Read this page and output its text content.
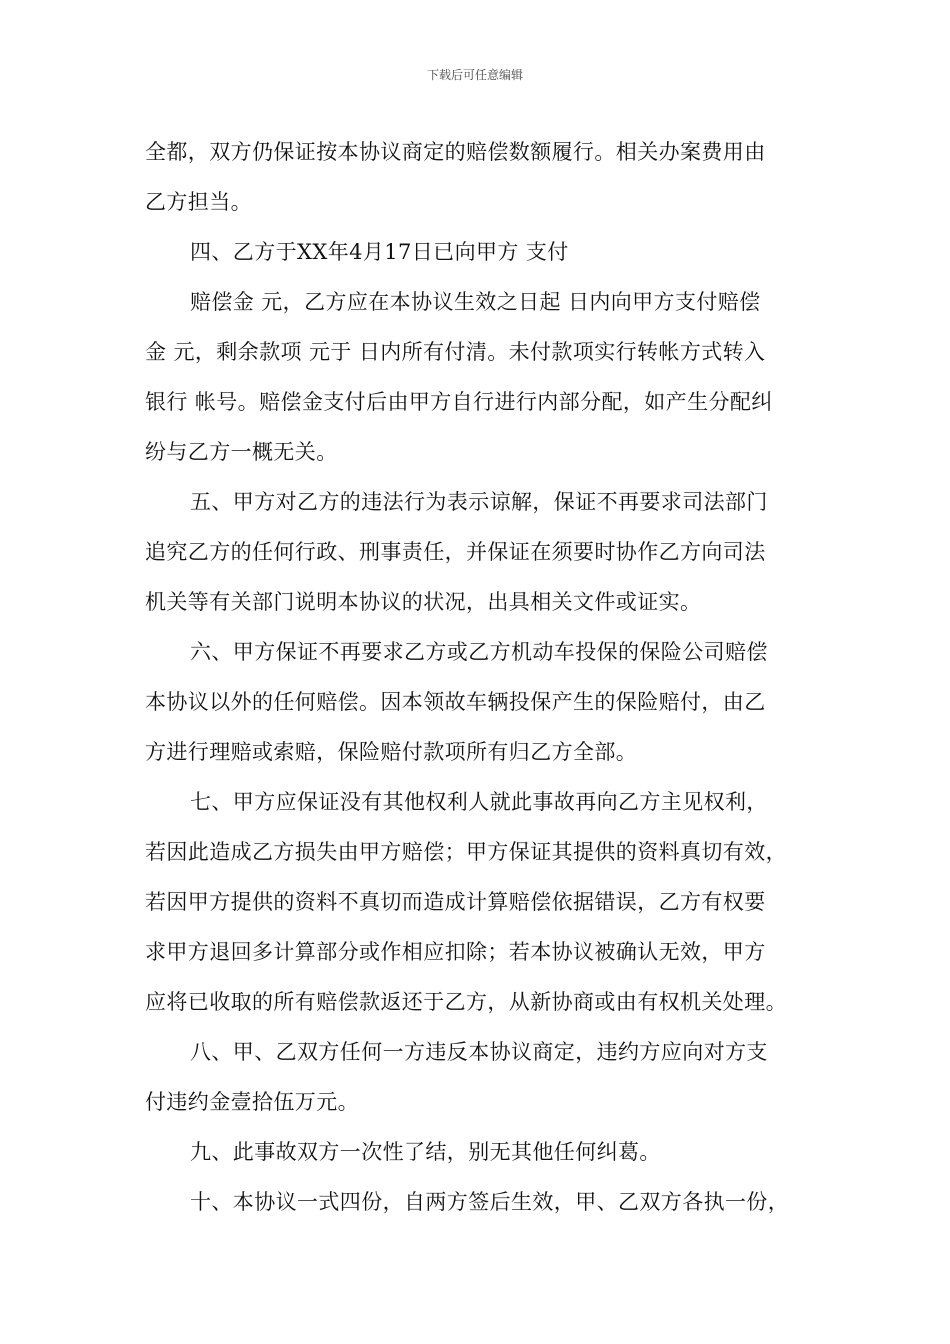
下载后可任意编辑
全都，双方仍保证按本协议商定的赔偿数额履行。相关办案费用由
乙方担当。
四、乙方于XX年4月17日已向甲方 支付
赔偿金 元，乙方应在本协议生效之日起 日内向甲方支付赔偿
金 元，剩余款项 元于 日内所有付清。未付款项实行转帐方式转入
银行 帐号。赔偿金支付后由甲方自行进行内部分配，如产生分配纠
纷与乙方一概无关。
五、甲方对乙方的违法行为表示谅解，保证不再要求司法部门
追究乙方的任何行政、刑事责任，并保证在须要时协作乙方向司法
机关等有关部门说明本协议的状况，出具相关文件或证实。
六、甲方保证不再要求乙方或乙方机动车投保的保险公司赔偿
本协议以外的任何赔偿。因本领故车辆投保产生的保险赔付，由乙
方进行理赔或索赔，保险赔付款项所有归乙方全部。
七、甲方应保证没有其他权利人就此事故再向乙方主见权利，
若因此造成乙方损失由甲方赔偿；甲方保证其提供的资料真切有效，
若因甲方提供的资料不真切而造成计算赔偿依据错误，乙方有权要
求甲方退回多计算部分或作相应扣除；若本协议被确认无效，甲方
应将已收取的所有赔偿款返还于乙方，从新协商或由有权机关处理。
八、甲、乙双方任何一方违反本协议商定，违约方应向对方支
付违约金壹拾伍万元。
九、此事故双方一次性了结，别无其他任何纠葛。
十、本协议一式四份，自两方签后生效，甲、乙双方各执一份，
